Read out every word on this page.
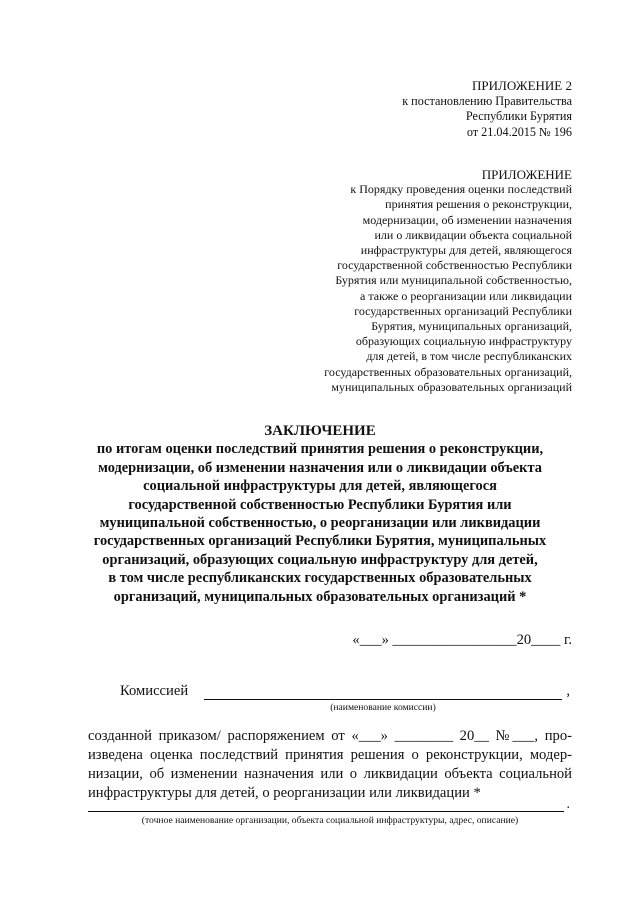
ПРИЛОЖЕНИЕ 2
к постановлению Правительства
Республики Бурятия
от 21.04.2015 № 196
ПРИЛОЖЕНИЕ
к Порядку проведения оценки последствий
принятия решения о реконструкции,
модернизации, об изменении назначения
или о ликвидации объекта социальной
инфраструктуры для детей, являющегося
государственной собственностью Республики
Бурятия или муниципальной собственностью,
а также о реорганизации или ликвидации
государственных организаций Республики
Бурятия, муниципальных организаций,
образующих социальную инфраструктуру
для детей, в том числе республиканских
государственных образовательных организаций,
муниципальных образовательных организаций
ЗАКЛЮЧЕНИЕ
по итогам оценки последствий принятия решения о реконструкции,
модернизации, об изменении назначения или о ликвидации объекта
социальной инфраструктуры для детей, являющегося
государственной собственностью Республики Бурятия или
муниципальной собственностью, о реорганизации или ликвидации
государственных организаций Республики Бурятия, муниципальных
организаций, образующих социальную инфраструктуру для детей,
в том числе республиканских государственных образовательных
организаций, муниципальных образовательных организаций *
«___» _________________20____ г.
Комиссией	,
(наименование комиссии)
созданной приказом/ распоряжением от «___» ________ 20__ №___, про-
изведена оценка последствий принятия решения о реконструкции, модер-
низации, об изменении назначения или о ликвидации объекта социальной
инфраструктуры для детей, о реорганизации или ликвидации *
.
(точное наименование организации, объекта социальной инфраструктуры, адрес, описание)
